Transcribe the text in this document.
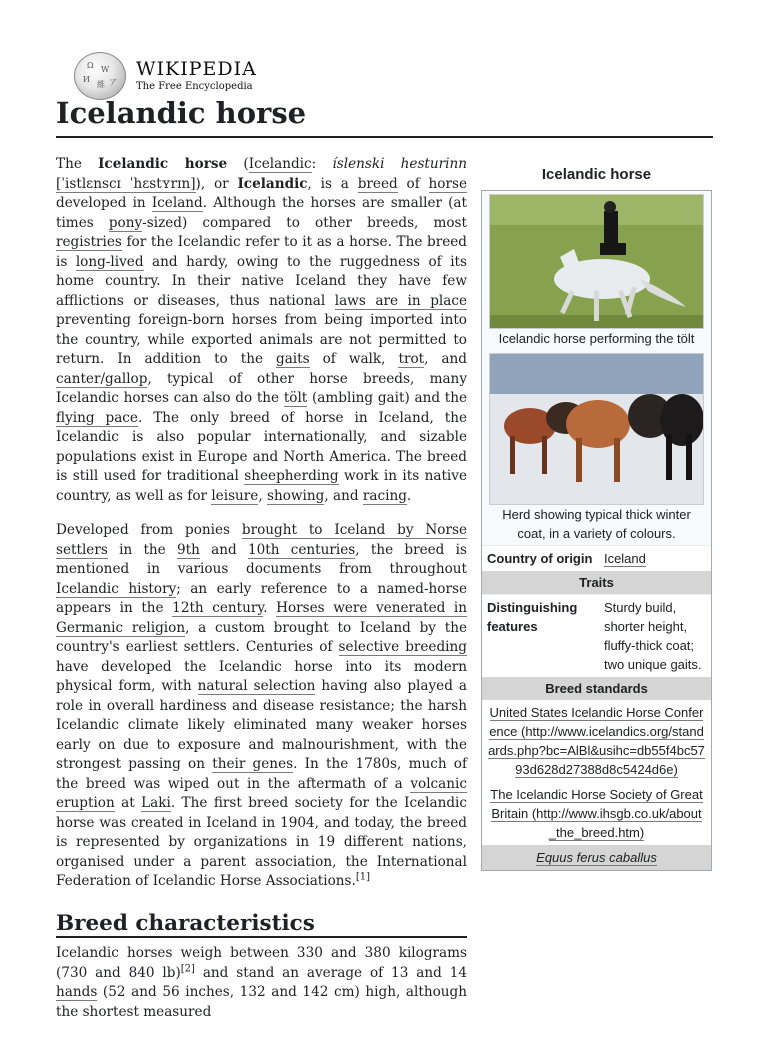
Ω W
И
維 ア
WIKIPEDIA
The Free Encyclopedia
Icelandic horse

The Icelandic horse (Icelandic: íslenski hesturinn [ˈistlɛnscɪ ˈhɛstʏrɪn]), or Icelandic, is a breed of horse developed in Iceland. Although the horses are smaller (at times pony-sized) compared to other breeds, most registries for the Icelandic refer to it as a horse. The breed is long-lived and hardy, owing to the ruggedness of its home country. In their native Iceland they have few afflictions or diseases, thus national laws are in place preventing foreign-born horses from being imported into the country, while exported animals are not permitted to return. In addition to the gaits of walk, trot, and canter/gallop, typical of other horse breeds, many Icelandic horses can also do the tölt (ambling gait) and the flying pace. The only breed of horse in Iceland, the Icelandic is also popular internationally, and sizable populations exist in Europe and North America. The breed is still used for traditional sheepherding work in its native country, as well as for leisure, showing, and racing.

Developed from ponies brought to Iceland by Norse settlers in the 9th and 10th centuries, the breed is mentioned in various documents from throughout Icelandic history; an early reference to a named-horse appears in the 12th century. Horses were venerated in Germanic religion, a custom brought to Iceland by the country's earliest settlers. Centuries of selective breeding have developed the Icelandic horse into its modern physical form, with natural selection having also played a role in overall hardiness and disease resistance; the harsh Icelandic climate likely eliminated many weaker horses early on due to exposure and malnourishment, with the strongest passing on their genes. In the 1780s, much of the breed was wiped out in the aftermath of a volcanic eruption at Laki. The first breed society for the Icelandic horse was created in Iceland in 1904, and today, the breed is represented by organizations in 19 different nations, organised under a parent association, the International Federation of Icelandic Horse Associations.[1]

Breed characteristics

Icelandic horses weigh between 330 and 380 kilograms (730 and 840 lb)[2] and stand an average of 13 and 14 hands (52 and 56 inches, 132 and 142 cm) high, although the shortest measured

Icelandic horse
Icelandic horse performing the tölt
Herd showing typical thick winter coat, in a variety of colours.
Country of origin Iceland
Traits
Distinguishing features
Sturdy build, shorter height, fluffy-thick coat; two unique gaits.
Breed standards
United States Icelandic Horse Conference (http://www.icelandics.org/standards.php?bc=AlBl&usihc=db55f4bc5793d628d27388d8c5424d6e)
The Icelandic Horse Society of Great Britain (http://www.ihsgb.co.uk/about_the_breed.htm)
Equus ferus caballus
